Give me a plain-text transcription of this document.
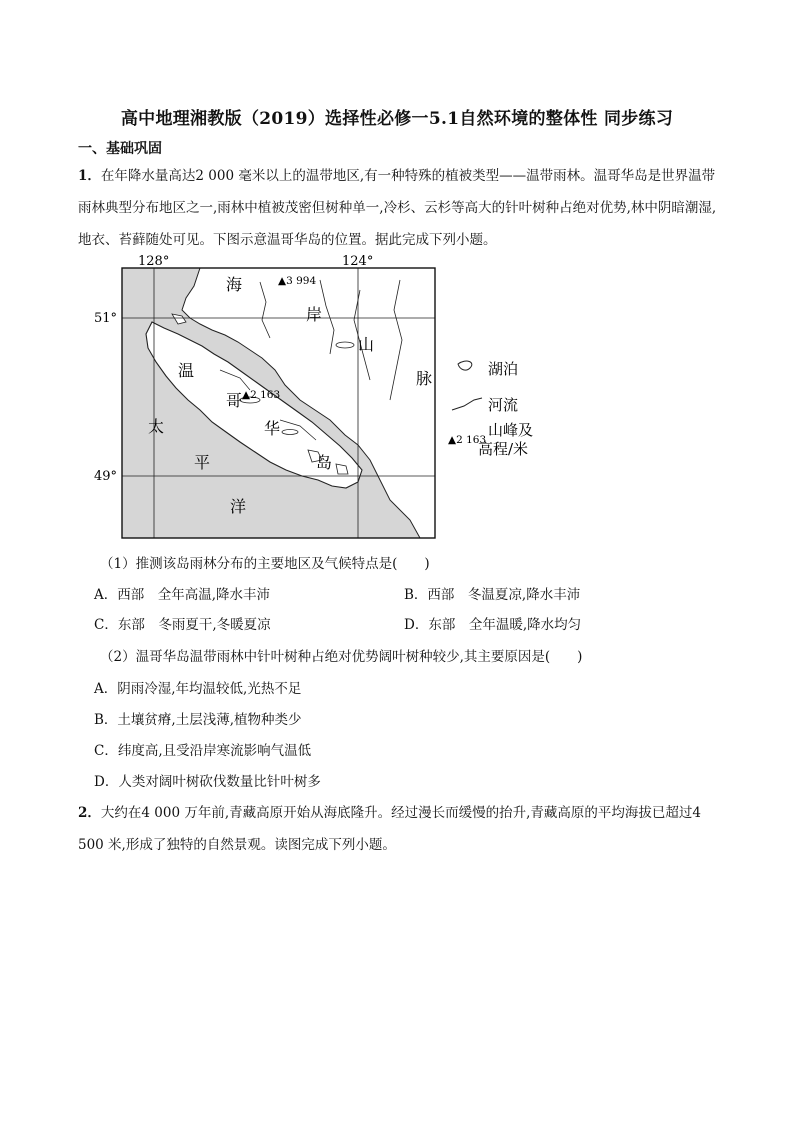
高中地理湘教版（2019）选择性必修一5.1自然环境的整体性 同步练习
一、基础巩固
1．在年降水量高达2 000 毫米以上的温带地区,有一种特殊的植被类型——温带雨林。温哥华岛是世界温带雨林典型分布地区之一,雨林中植被茂密但树种单一,冷杉、云杉等高大的针叶树种占绝对优势,林中阴暗潮湿,地衣、苔藓随处可见。下图示意温哥华岛的位置。据此完成下列小题。
128°	124°
51°
49°
海
岸
山
脉
温
哥
华
岛
太
平
洋
▲3 994
▲2 163
湖泊
河流
▲2 163
山峰及
高程/米
（1）推测该岛雨林分布的主要地区及气候特点是(　　)
A．西部　全年高温,降水丰沛	B．西部　冬温夏凉,降水丰沛
C．东部　冬雨夏干,冬暖夏凉	D．东部　全年温暖,降水均匀
（2）温哥华岛温带雨林中针叶树种占绝对优势阔叶树种较少,其主要原因是(　　)
A．阴雨冷湿,年均温较低,光热不足
B．土壤贫瘠,土层浅薄,植物种类少
C．纬度高,且受沿岸寒流影响气温低
D．人类对阔叶树砍伐数量比针叶树多
2．大约在4 000 万年前,青藏高原开始从海底隆升。经过漫长而缓慢的抬升,青藏高原的平均海拔已超过4 500 米,形成了独特的自然景观。读图完成下列小题。
